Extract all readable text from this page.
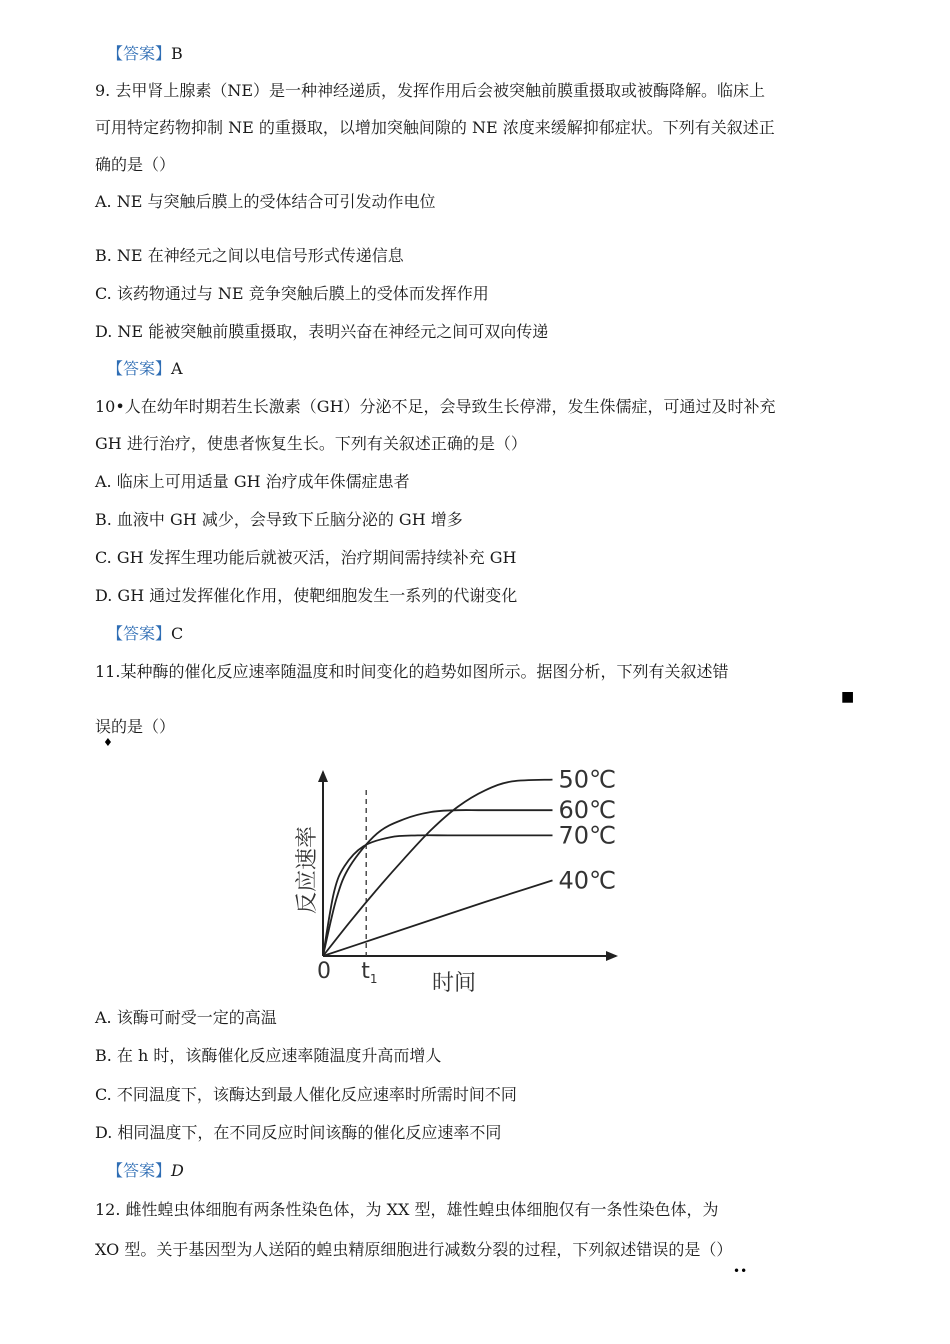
【答案】B
9. 去甲肾上腺素（NE）是一种神经递质，发挥作用后会被突触前膜重摄取或被酶降解。临床上
可用特定药物抑制 NE 的重摄取，以增加突触间隙的 NE 浓度来缓解抑郁症状。下列有关叙述正
确的是（）
A. NE 与突触后膜上的受体结合可引发动作电位
B. NE 在神经元之间以电信号形式传递信息
C. 该药物通过与 NE 竞争突触后膜上的受体而发挥作用
D. NE 能被突触前膜重摄取，表明兴奋在神经元之间可双向传递
【答案】A
10•人在幼年时期若生长激素（GH）分泌不足，会导致生长停滞，发生侏儒症，可通过及时补充
GH 进行治疗，使患者恢复生长。下列有关叙述正确的是（）
A. 临床上可用适量 GH 治疗成年侏儒症患者
B. 血液中 GH 减少，会导致下丘脑分泌的 GH 增多
C. GH 发挥生理功能后就被灭活，治疗期间需持续补充 GH
D. GH 通过发挥催化作用，使靶细胞发生一系列的代谢变化
【答案】C
11.某种酶的催化反应速率随温度和时间变化的趋势如图所示。据图分析，下列有关叙述错
■
误的是（）
♦
50℃
60℃
70℃
40℃
反应速率
时间
0 $t_1$
A. 该酶可耐受一定的高温
B. 在 h 时，该酶催化反应速率随温度升高而增人
C. 不同温度下，该酶达到最人催化反应速率时所需时间不同
D. 相同温度下，在不同反应时间该酶的催化反应速率不同
【答案】D
12. 雌性蝗虫体细胞有两条性染色体，为 XX 型，雄性蝗虫体细胞仅有一条性染色体，为
XO 型。关于基因型为人送陌的蝗虫精原细胞进行减数分裂的过程，下列叙述错误的是（）
••
